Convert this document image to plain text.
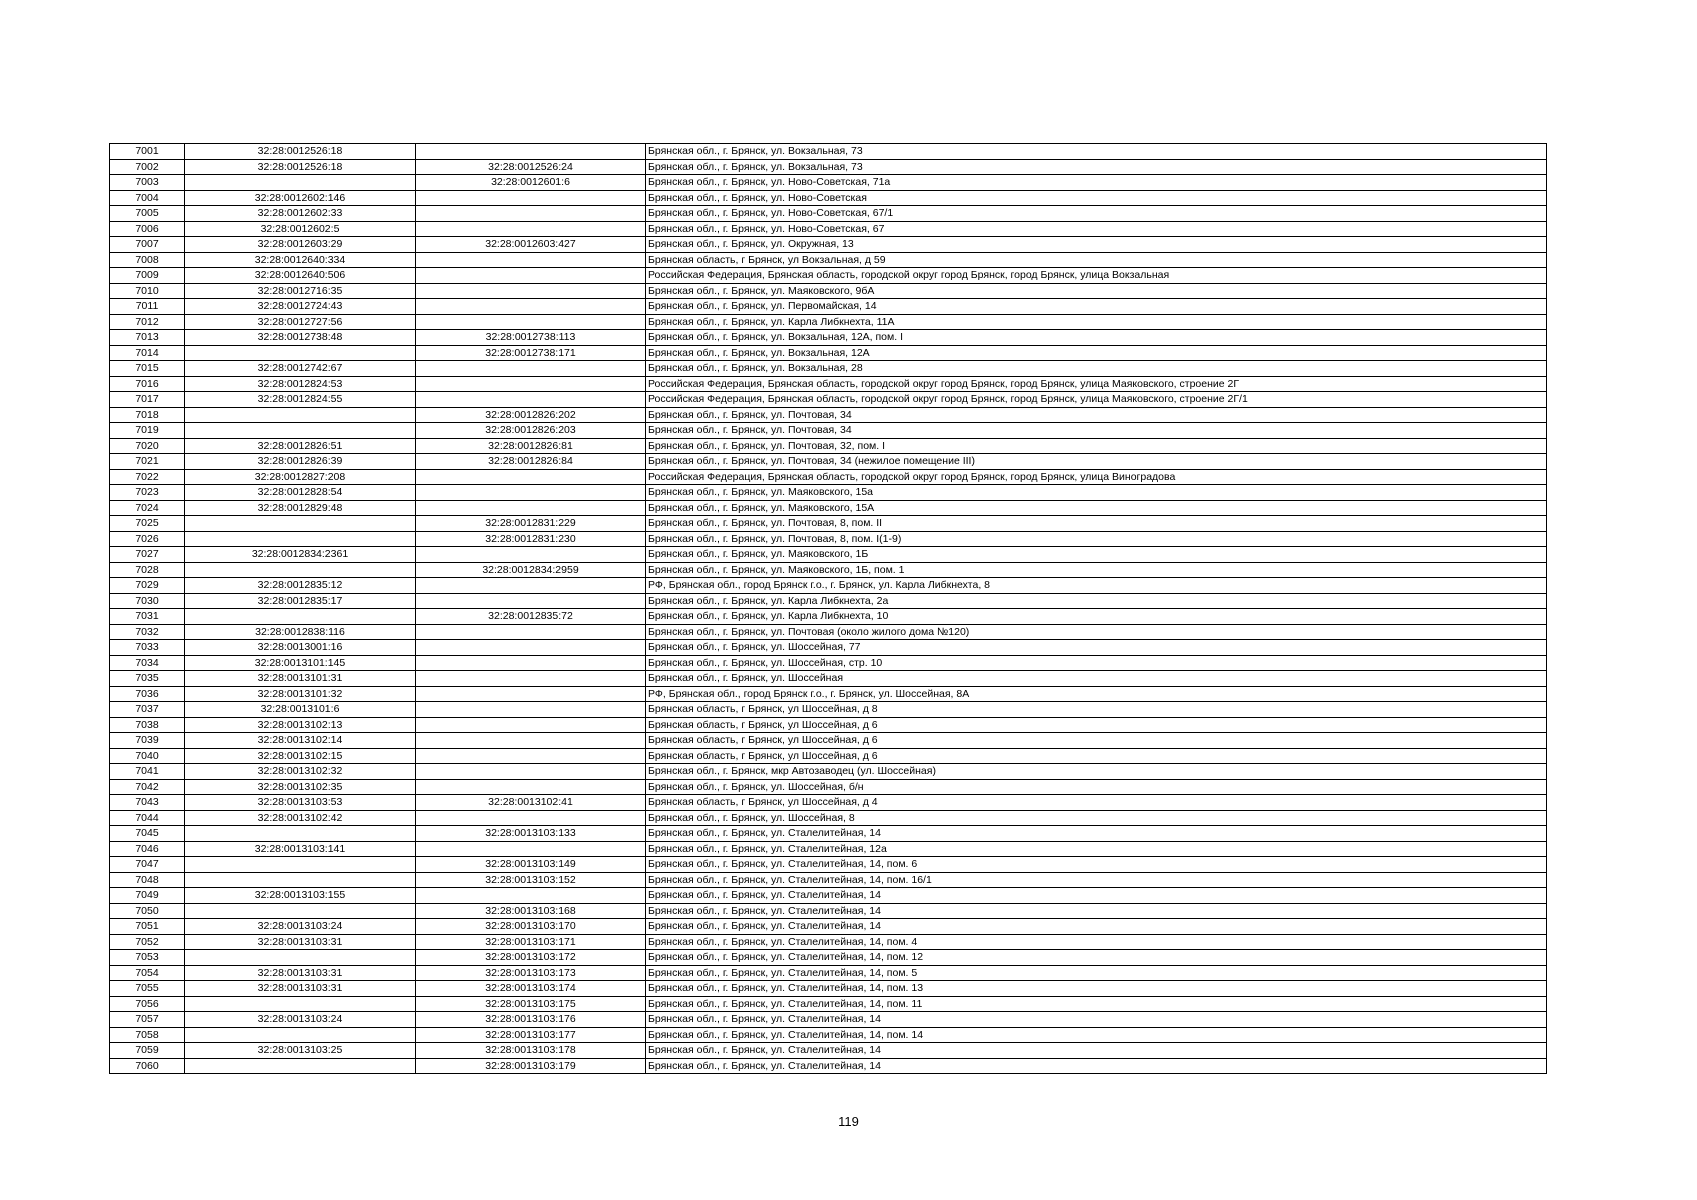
7001	32:28:0012526:18		Брянская обл., г. Брянск, ул. Вокзальная, 73
7002	32:28:0012526:18	32:28:0012526:24	Брянская обл., г. Брянск, ул. Вокзальная, 73
7003		32:28:0012601:6	Брянская обл., г. Брянск, ул. Ново-Советская, 71а
7004	32:28:0012602:146		Брянская обл., г. Брянск, ул. Ново-Советская
7005	32:28:0012602:33		Брянская обл., г. Брянск, ул. Ново-Советская, 67/1
7006	32:28:0012602:5		Брянская обл., г. Брянск, ул. Ново-Советская, 67
7007	32:28:0012603:29	32:28:0012603:427	Брянская обл., г. Брянск, ул. Окружная, 13
7008	32:28:0012640:334		Брянская область, г Брянск, ул Вокзальная, д 59
7009	32:28:0012640:506		Российская Федерация, Брянская область, городской округ город Брянск, город Брянск, улица Вокзальная
7010	32:28:0012716:35		Брянская обл., г. Брянск, ул. Маяковского, 9бА
7011	32:28:0012724:43		Брянская обл., г. Брянск, ул. Первомайская, 14
7012	32:28:0012727:56		Брянская обл., г. Брянск, ул. Карла Либкнехта, 11А
7013	32:28:0012738:48	32:28:0012738:113	Брянская обл., г. Брянск, ул. Вокзальная, 12А, пом. I
7014		32:28:0012738:171	Брянская обл., г. Брянск, ул. Вокзальная, 12А
7015	32:28:0012742:67		Брянская обл., г. Брянск, ул. Вокзальная, 28
7016	32:28:0012824:53		Российская Федерация, Брянская область, городской округ город Брянск, город Брянск, улица Маяковского, строение 2Г
7017	32:28:0012824:55		Российская Федерация, Брянская область, городской округ город Брянск, город Брянск, улица Маяковского, строение 2Г/1
7018		32:28:0012826:202	Брянская обл., г. Брянск, ул. Почтовая, 34
7019		32:28:0012826:203	Брянская обл., г. Брянск, ул. Почтовая, 34
7020	32:28:0012826:51	32:28:0012826:81	Брянская обл., г. Брянск, ул. Почтовая, 32, пом. I
7021	32:28:0012826:39	32:28:0012826:84	Брянская обл., г. Брянск, ул. Почтовая, 34 (нежилое помещение III)
7022	32:28:0012827:208		Российская Федерация, Брянская область, городской округ город Брянск, город Брянск, улица Виноградова
7023	32:28:0012828:54		Брянская обл., г. Брянск, ул. Маяковского, 15а
7024	32:28:0012829:48		Брянская обл., г. Брянск, ул. Маяковского, 15А
7025		32:28:0012831:229	Брянская обл., г. Брянск, ул. Почтовая, 8, пом. II
7026		32:28:0012831:230	Брянская обл., г. Брянск, ул. Почтовая, 8, пом. I(1-9)
7027	32:28:0012834:2361		Брянская обл., г. Брянск, ул. Маяковского, 1Б
7028		32:28:0012834:2959	Брянская обл., г. Брянск, ул. Маяковского, 1Б, пом. 1
7029	32:28:0012835:12		РФ, Брянская обл., город Брянск г.о., г. Брянск, ул. Карла Либкнехта, 8
7030	32:28:0012835:17		Брянская обл., г. Брянск, ул. Карла Либкнехта, 2а
7031		32:28:0012835:72	Брянская обл., г. Брянск, ул. Карла Либкнехта, 10
7032	32:28:0012838:116		Брянская обл., г. Брянск, ул. Почтовая (около жилого дома №120)
7033	32:28:0013001:16		Брянская обл., г. Брянск, ул. Шоссейная, 77
7034	32:28:0013101:145		Брянская обл., г. Брянск, ул. Шоссейная, стр. 10
7035	32:28:0013101:31		Брянская обл., г. Брянск, ул. Шоссейная
7036	32:28:0013101:32		РФ, Брянская обл., город Брянск г.о., г. Брянск, ул. Шоссейная, 8А
7037	32:28:0013101:6		Брянская область, г Брянск, ул Шоссейная, д 8
7038	32:28:0013102:13		Брянская область, г Брянск, ул Шоссейная, д 6
7039	32:28:0013102:14		Брянская область, г Брянск, ул Шоссейная, д 6
7040	32:28:0013102:15		Брянская область, г Брянск, ул Шоссейная, д 6
7041	32:28:0013102:32		Брянская обл., г. Брянск, мкр Автозаводец (ул. Шоссейная)
7042	32:28:0013102:35		Брянская обл., г. Брянск, ул. Шоссейная, б/н
7043	32:28:0013103:53	32:28:0013102:41	Брянская область, г Брянск, ул Шоссейная, д 4
7044	32:28:0013102:42		Брянская обл., г. Брянск, ул. Шоссейная, 8
7045		32:28:0013103:133	Брянская обл., г. Брянск, ул. Сталелитейная, 14
7046	32:28:0013103:141		Брянская обл., г. Брянск, ул. Сталелитейная, 12а
7047		32:28:0013103:149	Брянская обл., г. Брянск, ул. Сталелитейная, 14, пом. 6
7048		32:28:0013103:152	Брянская обл., г. Брянск, ул. Сталелитейная, 14, пом. 16/1
7049	32:28:0013103:155		Брянская обл., г. Брянск, ул. Сталелитейная, 14
7050		32:28:0013103:168	Брянская обл., г. Брянск, ул. Сталелитейная, 14
7051	32:28:0013103:24	32:28:0013103:170	Брянская обл., г. Брянск, ул. Сталелитейная, 14
7052	32:28:0013103:31	32:28:0013103:171	Брянская обл., г. Брянск, ул. Сталелитейная, 14, пом. 4
7053		32:28:0013103:172	Брянская обл., г. Брянск, ул. Сталелитейная, 14, пом. 12
7054	32:28:0013103:31	32:28:0013103:173	Брянская обл., г. Брянск, ул. Сталелитейная, 14, пом. 5
7055	32:28:0013103:31	32:28:0013103:174	Брянская обл., г. Брянск, ул. Сталелитейная, 14, пом. 13
7056		32:28:0013103:175	Брянская обл., г. Брянск, ул. Сталелитейная, 14, пом. 11
7057	32:28:0013103:24	32:28:0013103:176	Брянская обл., г. Брянск, ул. Сталелитейная, 14
7058		32:28:0013103:177	Брянская обл., г. Брянск, ул. Сталелитейная, 14, пом. 14
7059	32:28:0013103:25	32:28:0013103:178	Брянская обл., г. Брянск, ул. Сталелитейная, 14
7060		32:28:0013103:179	Брянская обл., г. Брянск, ул. Сталелитейная, 14
119
